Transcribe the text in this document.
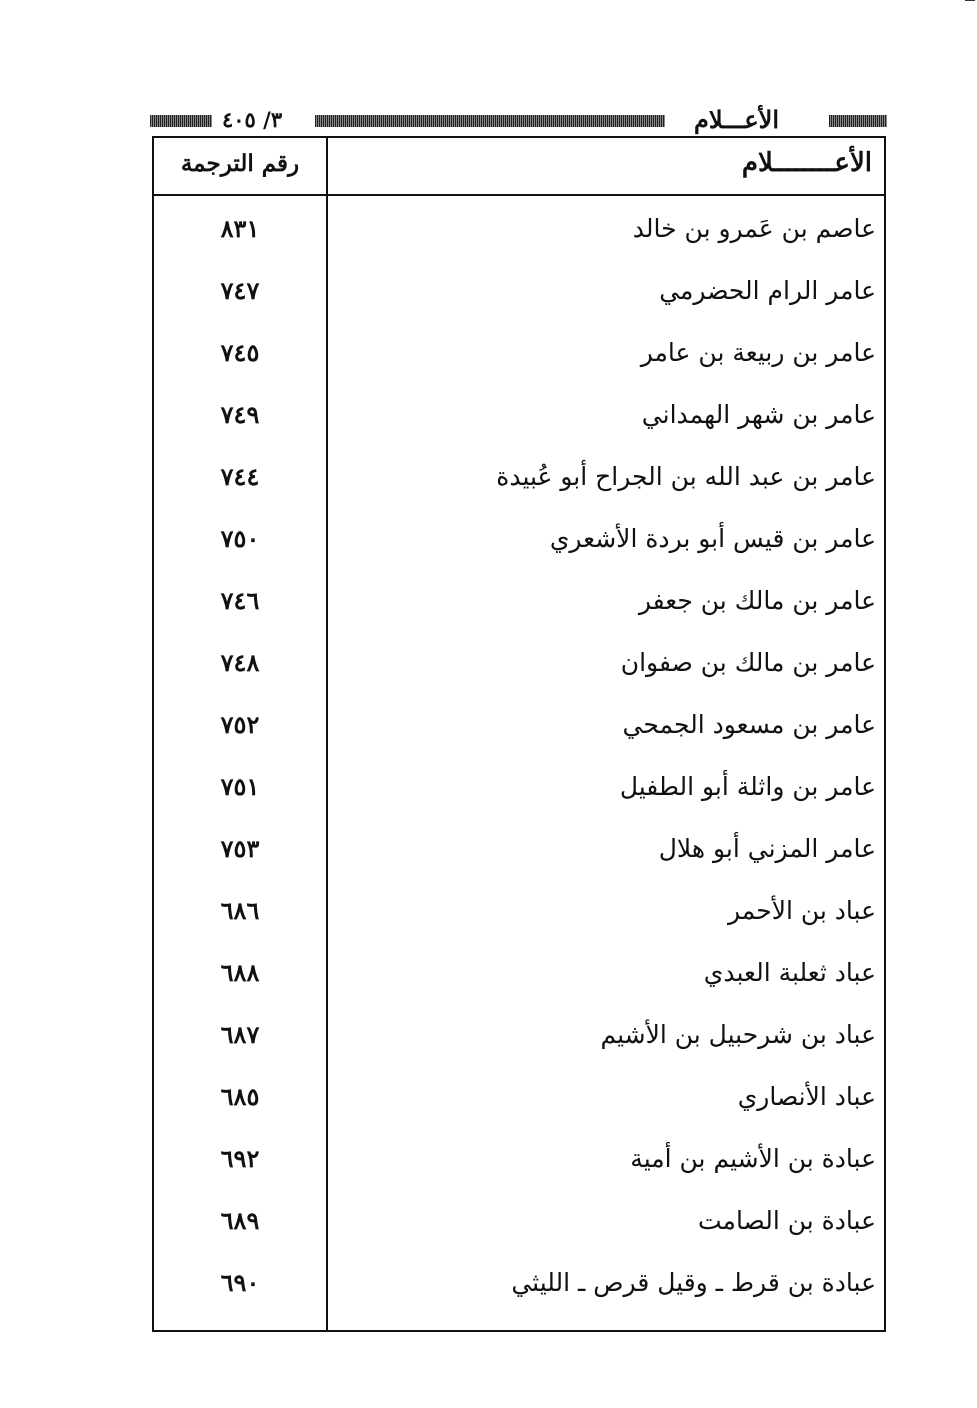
الأعـــلام
٣/ ٤٠٥
الأعــــــــلام
رقم الترجمة
عاصم بن عَمرو بن خالد
٨٣١
عامر الرام الحضرمي
٧٤٧
عامر بن ربيعة بن عامر
٧٤٥
عامر بن شهر الهمداني
٧٤٩
عامر بن عبد الله بن الجراح أبو عُبيدة
٧٤٤
عامر بن قيس أبو بردة الأشعري
٧٥٠
عامر بن مالك بن جعفر
٧٤٦
عامر بن مالك بن صفوان
٧٤٨
عامر بن مسعود الجمحي
٧٥٢
عامر بن واثلة أبو الطفيل
٧٥١
عامر المزني أبو هلال
٧٥٣
عباد بن الأحمر
٦٨٦
عباد ثعلبة العبدي
٦٨٨
عباد بن شرحبيل بن الأشيم
٦٨٧
عباد الأنصاري
٦٨٥
عبادة بن الأشيم بن أمية
٦٩٢
عبادة بن الصامت
٦٨٩
عبادة بن قرط ـ وقيل قرص ـ الليثي
٦٩٠
